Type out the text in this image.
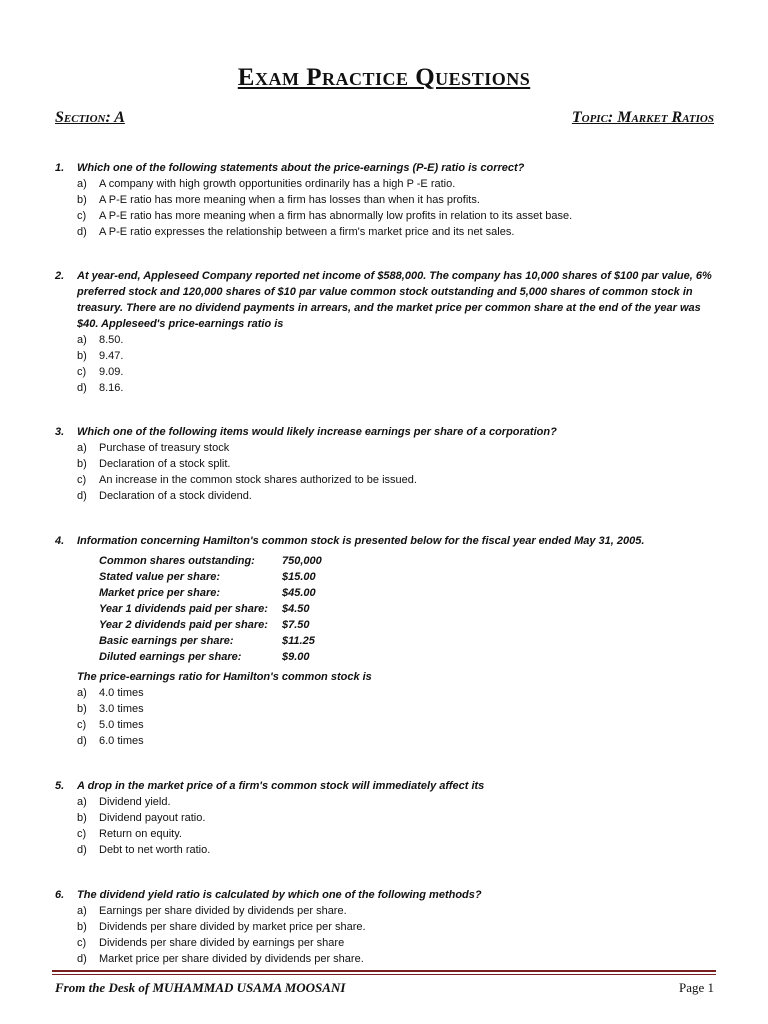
Exam Practice Questions
Section: A	Topic: Market Ratios
1.	Which one of the following statements about the price-earnings (P-E) ratio is correct?
a)	A company with high growth opportunities ordinarily has a high P -E ratio.
b)	A P-E ratio has more meaning when a firm has losses than when it has profits.
c)	A P-E ratio has more meaning when a firm has abnormally low profits in relation to its asset base.
d)	A P-E ratio expresses the relationship between a firm's market price and its net sales.
2.	At year-end, Appleseed Company reported net income of $588,000. The company has 10,000 shares of $100 par value, 6% preferred stock and 120,000 shares of $10 par value common stock outstanding and 5,000 shares of common stock in treasury. There are no dividend payments in arrears, and the market price per common share at the end of the year was $40. Appleseed's price-earnings ratio is
a)	8.50.
b)	9.47.
c)	9.09.
d)	8.16.
3.	Which one of the following items would likely increase earnings per share of a corporation?
a)	Purchase of treasury stock
b)	Declaration of a stock split.
c)	An increase in the common stock shares authorized to be issued.
d)	Declaration of a stock dividend.
4.	Information concerning Hamilton's common stock is presented below for the fiscal year ended May 31, 2005.
Common shares outstanding:	750,000
Stated value per share:	$15.00
Market price per share:	$45.00
Year 1 dividends paid per share:	$4.50
Year 2 dividends paid per share:	$7.50
Basic earnings per share:	$11.25
Diluted earnings per share:	$9.00
The price-earnings ratio for Hamilton's common stock is
a)	4.0 times
b)	3.0 times
c)	5.0 times
d)	6.0 times
5.	A drop in the market price of a firm's common stock will immediately affect its
a)	Dividend yield.
b)	Dividend payout ratio.
c)	Return on equity.
d)	Debt to net worth ratio.
6.	The dividend yield ratio is calculated by which one of the following methods?
a)	Earnings per share divided by dividends per share.
b)	Dividends per share divided by market price per share.
c)	Dividends per share divided by earnings per share
d)	Market price per share divided by dividends per share.
From the Desk of MUHAMMAD USAMA MOOSANI	Page 1
